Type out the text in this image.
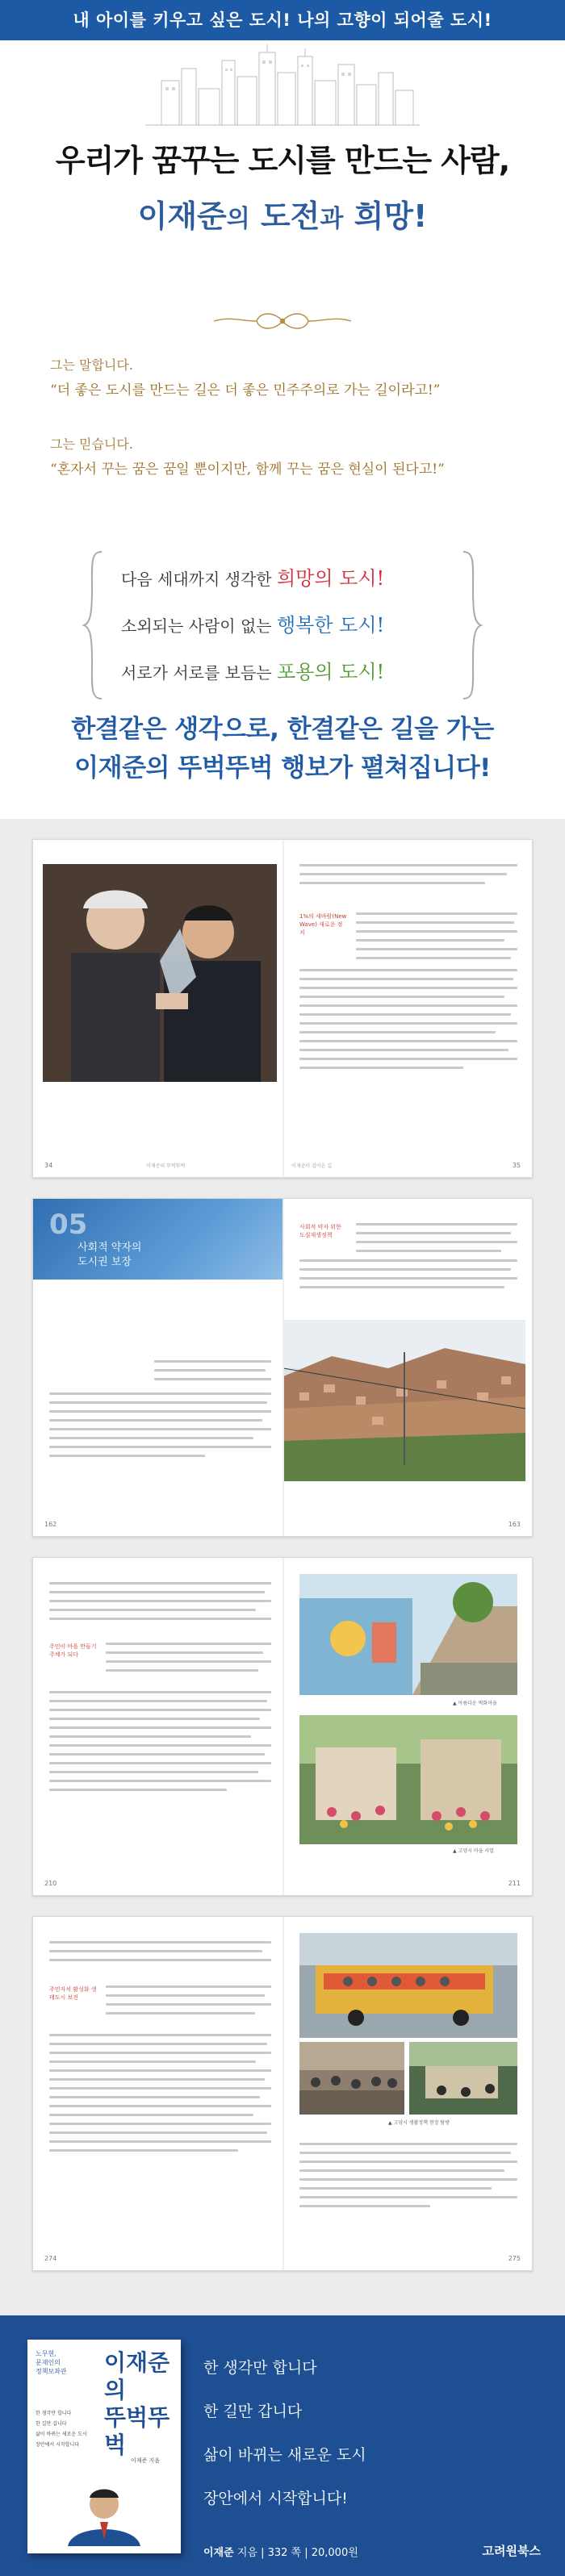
내 아이를 키우고 싶은 도시! 나의 고향이 되어줄 도시!
우리가 꿈꾸는 도시를 만드는 사람,
이재준의 도전과 희망!
그는 말합니다.
“더 좋은 도시를 만드는 길은 더 좋은 민주주의로 가는 길이라고!”
그는 믿습니다.
“혼자서 꾸는 꿈은 꿈일 뿐이지만, 함께 꾸는 꿈은 현실이 된다고!”
다음 세대까지 생각한 희망의 도시!
소외되는 사람이 없는 행복한 도시!
서로가 서로를 보듬는 포용의 도시!
한결같은 생각으로, 한결같은 길을 가는
이재준의 뚜벅뚜벅 행보가 펼쳐집니다!
34	이재준의 뚜벅뚜벅	이재준이 걸어온 길	35
1%의 새바람(New Wave) 새로운 정치
05
사회적 약자의
도시권 보장
162	163
사회적 약자 위한 도심재생정책
주민이 마을 만들기 주체가 되다
210	211
▲ 아름다운 벽화마을
▲ 고양시 마을 사업
주민자치 활성화 생태도시 보전
274	275
▲ 고양시 생활정책 현장 탐방
노무현,
문재인의
정책보좌관
한 생각만 합니다
한 길만 갑니다
삶이 바뀌는 새로운 도시
장안에서 시작합니다
이재준의
뚜벅뚜벅
이재준 지음
한 생각만 합니다
한 길만 갑니다
삶이 바뀌는 새로운 도시
장안에서 시작합니다!
이재준 지음 | 332 쪽 | 20,000원	고려원북스
